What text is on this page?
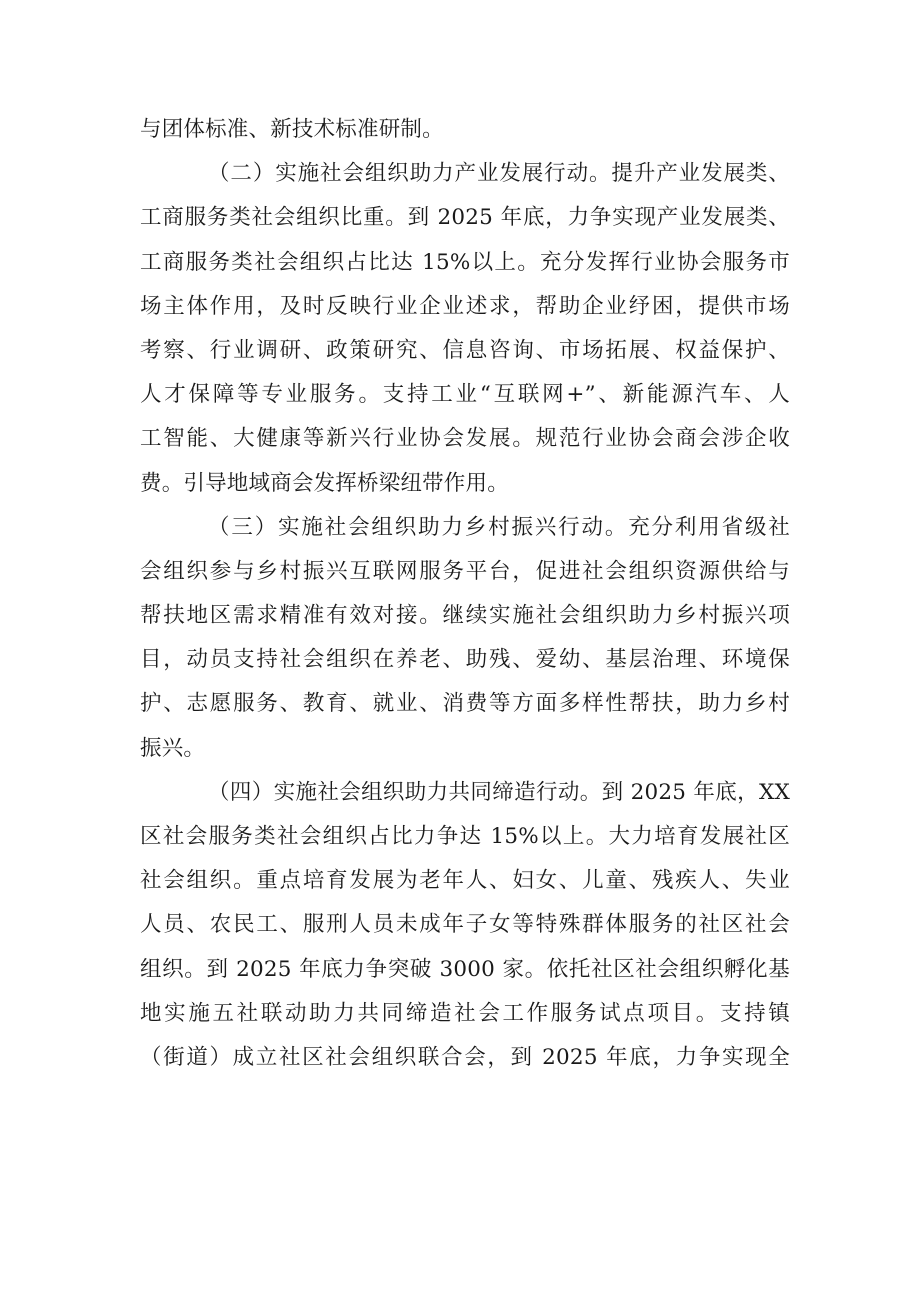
与团体标准、新技术标准研制。
（二）实施社会组织助力产业发展行动。提升产业发展类、
工商服务类社会组织比重。到 2025 年底，力争实现产业发展类、
工商服务类社会组织占比达 15%以上。充分发挥行业协会服务市
场主体作用，及时反映行业企业述求，帮助企业纾困，提供市场
考察、行业调研、政策研究、信息咨询、市场拓展、权益保护、
人才保障等专业服务。支持工业“互联网+”、新能源汽车、人
工智能、大健康等新兴行业协会发展。规范行业协会商会涉企收
费。引导地域商会发挥桥梁纽带作用。
（三）实施社会组织助力乡村振兴行动。充分利用省级社
会组织参与乡村振兴互联网服务平台，促进社会组织资源供给与
帮扶地区需求精准有效对接。继续实施社会组织助力乡村振兴项
目，动员支持社会组织在养老、助残、爱幼、基层治理、环境保
护、志愿服务、教育、就业、消费等方面多样性帮扶，助力乡村
振兴。
（四）实施社会组织助力共同缔造行动。到 2025 年底，XX
区社会服务类社会组织占比力争达 15%以上。大力培育发展社区
社会组织。重点培育发展为老年人、妇女、儿童、残疾人、失业
人员、农民工、服刑人员未成年子女等特殊群体服务的社区社会
组织。到 2025 年底力争突破 3000 家。依托社区社会组织孵化基
地实施五社联动助力共同缔造社会工作服务试点项目。支持镇
（街道）成立社区社会组织联合会，到 2025 年底，力争实现全
